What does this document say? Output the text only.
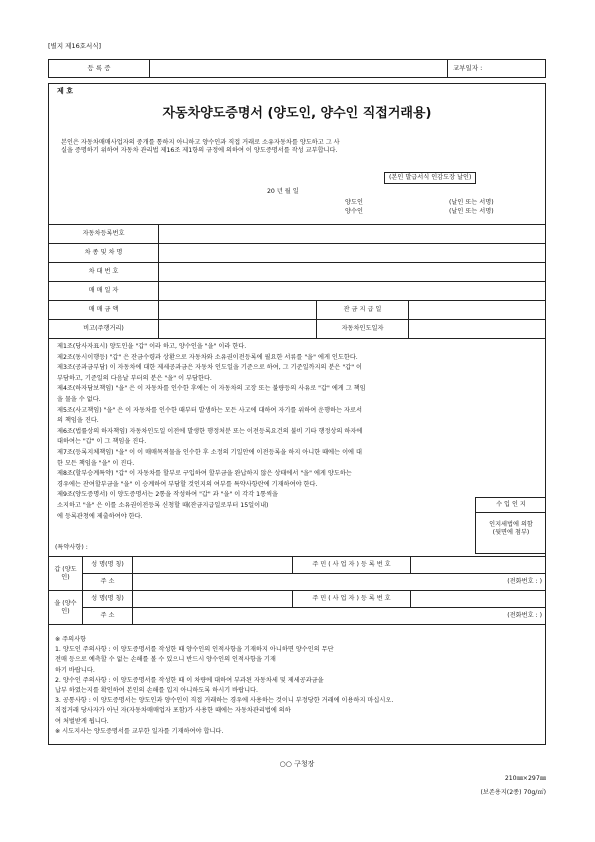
[별지 제16호서식]
등 록 증	교부일자 :
제 호
자동차양도증명서 (양도인, 양수인 직접거래용)
본인은 자동차매매사업자의 중개를 통하지 아니하고 양수인과 직접 거래로 소유자동차를 양도하고 그 사
실을 증명하기 위하여 자동차 관리법 제16조 제1항의 규정에 의하여 이 양도증명서를 작성 교부합니다.
(본인 발급서식 인감도장 날인)
20 년 월 일
양도인	(날인 또는 서명)
양수인	(날인 또는 서명)
자동차등록번호			
차 종 및 차 명			
차 대 번 호			
매 매 일 자			
매 매 금 액		잔 금 지 급 일	
비고(주행거리)		자동차인도일자	
제1조(당사자표시) 양도인을 "갑" 이라 하고, 양수인을 "을" 이라 한다.
제2조(동시이행등) "갑" 은 잔금수령과 상환으로 자동차와 소유권이전등록에 필요한 서류를 "을" 에게 인도한다.
제3조(공과금부담) 이 자동차에 대한 제세공과금은 자동차 인도일을 기준으로 하여, 그 기준일까지의 분은 "갑" 이
부담하고, 기준일의 다음날 부터의 분은 "을" 이 부담한다.
제4조(하자담보책임) "을" 은 이 자동차를 인수한 후에는 이 자동차의 고장 또는 불량등의 사유로 "갑" 에게 그 책임
을 물을 수 없다.
제5조(사고책임) "을" 은 이 자동차를 인수한 때부터 발생하는 모든 사고에 대하여 자기를 위하여 운행하는 자로서
의 책임을 진다.
제6조(법률상의 하자책임) 자동차인도일 이전에 발생한 행정처분 또는 이전등록요건의 불비 기타 행정상의 하자에
대하여는 "갑" 이 그 책임을 진다.
제7조(등록지체책임) "을" 이 이 매매목적물을 인수한 후 소정의 기일안에 이전등록을 하지 아니한 때에는 이에 대
한 모든 책임을 "을" 이 진다.
제8조(할부승계특약) "갑" 이 자동차를 할부로 구입하여 할부금을 완납하지 않은 상태에서 "을" 에게 양도하는
경우에는 잔여할부금을 "을" 이 승계하여 부담할 것인지의 여부를 특약사항란에 기재하여야 한다.
제9조(양도증명서) 이 양도증명서는 2통을 작성하여 "갑" 과 "을" 이 각각 1통씩을
소지하고 "을" 은 이를 소유권이전등록 신청할 때(잔금지급일로부터 15일이내)
에 등록관청에 제출하여야 한다.
수 입 인 지
인지세법에 의함
(뒷면에 첨부)
(특약사항) :
갑 (양도인)	성 명(명 칭)		주 민 ( 사 업 자 ) 등 록 번 호	
	주 소	(전화번호 : )		
을 (양수인)	성 명(명 칭)		주 민 ( 사 업 자 ) 등 록 번 호	
	주 소	(전화번호 : )		
※ 주의사항
1. 양도인 주의사항 : 이 양도증명서를 작성한 때 양수인의 인적사항을 기재하지 아니하면 양수인의 무단
전매 등으로 예측할 수 없는 손해를 볼 수 있으니 반드시 양수인의 인적사항을 기재
하기 바랍니다.
2. 양수인 주의사항 : 이 양도증명서를 작성한 때 이 차량에 대하여 부과된 자동차세 및 제세공과금을
납부 하였는지를 확인하여 본인의 손해를 입지 아니하도록 하시기 바랍니다.
3. 공통사항 : 이 양도증명서는 양도인과 양수인이 직접 거래하는 경우에 사용하는 것이니 부정당한 거래에 이용하지 마십시오.
직접거래 당사자가 아닌 자(자동차매매업자 포함)가 사용한 때에는 자동차관리법에 의하
여 처벌받게 됩니다.
※ 시도지사는 양도증명서를 교부한 일자를 기재하여야 합니다.
○○ 구청장
210㎜×297㎜
(보존용지(2종) 70g/㎡)
